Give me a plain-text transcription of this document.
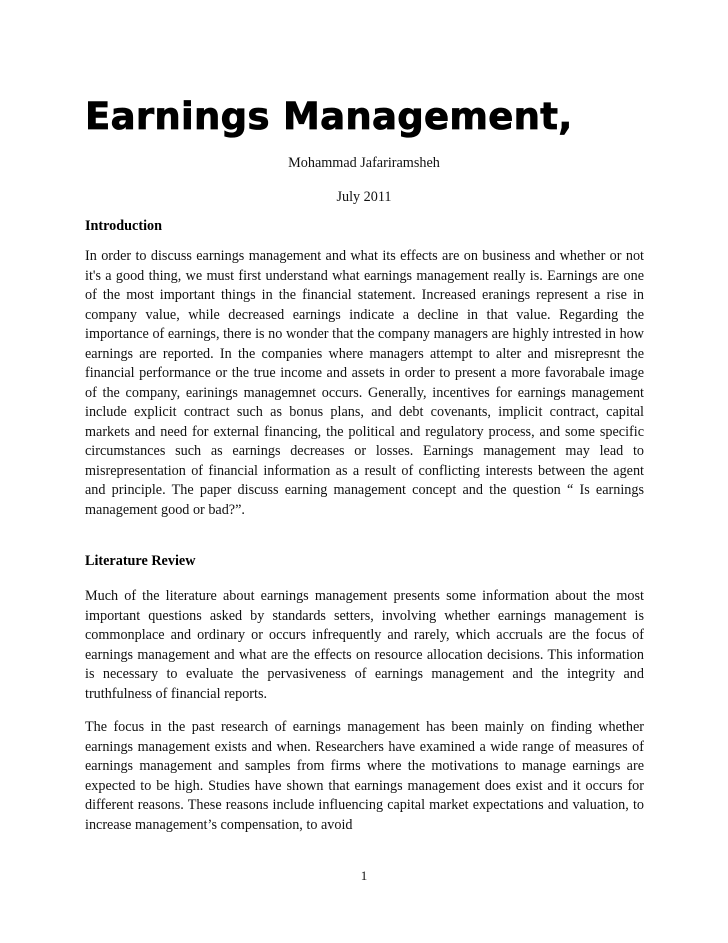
Earnings Management,
Mohammad Jafariramsheh
July 2011
Introduction

In order to discuss earnings management and what its effects are on business and whether or not it's a good thing, we must first understand what earnings management really is. Earnings are one of the most important things in the financial statement. Increased eranings represent a rise in company value, while decreased earnings indicate a decline in that value. Regarding the importance of earnings, there is no wonder that the company managers are highly intrested in how earnings are reported. In the companies where managers attempt to alter and misrepresnt the financial performance or the true income and assets in order to present a more favorabale image of the company, earinings managemnet occurs. Generally, incentives for earnings management include explicit contract such as bonus plans, and debt covenants, implicit contract, capital markets and need for external financing, the political and regulatory process, and some specific circumstances such as earnings decreases or losses. Earnings management may lead to misrepresentation of financial information as a result of conflicting interests between the agent and principle. The paper discuss earning management concept and the question “ Is earnings management good or bad?”.

Literature Review

Much of the literature about earnings management presents some information about the most important questions asked by standards setters, involving whether earnings management is commonplace and ordinary or occurs infrequently and rarely, which accruals are the focus of earnings management and what are the effects on resource allocation decisions. This information is necessary to evaluate the pervasiveness of earnings management and the integrity and truthfulness of financial reports.

The focus in the past research of earnings management has been mainly on finding whether earnings management exists and when. Researchers have examined a wide range of measures of earnings management and samples from firms where the motivations to manage earnings are expected to be high. Studies have shown that earnings management does exist and it occurs for different reasons. These reasons include influencing capital market expectations and valuation, to increase management’s compensation, to avoid

1
